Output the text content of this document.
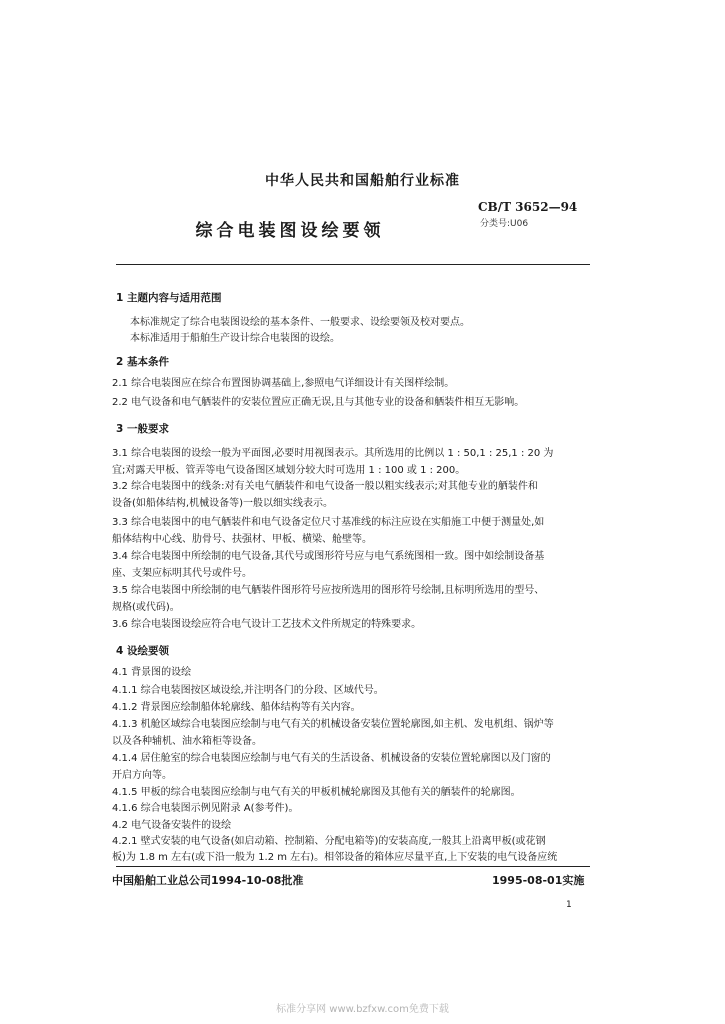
中华人民共和国船舶行业标准
综合电装图设绘要领
CB/T 3652—94
分类号:U06
1 主题内容与适用范围
本标准规定了综合电装图设绘的基本条件、一般要求、设绘要领及校对要点。
本标准适用于船舶生产设计综合电装图的设绘。
2 基本条件
2.1 综合电装图应在综合布置图协调基础上,参照电气详细设计有关图样绘制。
2.2 电气设备和电气舾装件的安装位置应正确无误,且与其他专业的设备和舾装件相互无影响。
3 一般要求
3.1 综合电装图的设绘一般为平面图,必要时用视图表示。其所选用的比例以 1 : 50,1 : 25,1 : 20 为
宜;对露天甲板、管弄等电气设备图区域划分较大时可选用 1 : 100 或 1 : 200。
3.2 综合电装图中的线条:对有关电气舾装件和电气设备一般以粗实线表示;对其他专业的舾装件和
设备(如船体结构,机械设备等)一般以细实线表示。
3.3 综合电装图中的电气舾装件和电气设备定位尺寸基准线的标注应设在实船施工中便于测量处,如
船体结构中心线、肋骨号、扶强材、甲板、横梁、舱壁等。
3.4 综合电装图中所绘制的电气设备,其代号或图形符号应与电气系统图相一致。图中如绘制设备基
座、支架应标明其代号或件号。
3.5 综合电装图中所绘制的电气舾装件图形符号应按所选用的图形符号绘制,且标明所选用的型号、
规格(或代码)。
3.6 综合电装图设绘应符合电气设计工艺技术文件所规定的特殊要求。
4 设绘要领
4.1 背景图的设绘
4.1.1 综合电装图按区域设绘,并注明各门的分段、区域代号。
4.1.2 背景图应绘制船体轮廓线、船体结构等有关内容。
4.1.3 机舱区域综合电装图应绘制与电气有关的机械设备安装位置轮廓图,如主机、发电机组、锅炉等
以及各种辅机、油水箱柜等设备。
4.1.4 居住舱室的综合电装图应绘制与电气有关的生活设备、机械设备的安装位置轮廓图以及门窗的
开启方向等。
4.1.5 甲板的综合电装图应绘制与电气有关的甲板机械轮廓图及其他有关的舾装件的轮廓图。
4.1.6 综合电装图示例见附录 A(参考件)。
4.2 电气设备安装件的设绘
4.2.1 壁式安装的电气设备(如启动箱、控制箱、分配电箱等)的安装高度,一般其上沿离甲板(或花钢
板)为 1.8 m 左右(或下沿一般为 1.2 m 左右)。相邻设备的箱体应尽量平直,上下安装的电气设备应统
中国船舶工业总公司1994-10-08批准	1995-08-01实施
1
标准分享网 www.bzfxw.com免费下载
